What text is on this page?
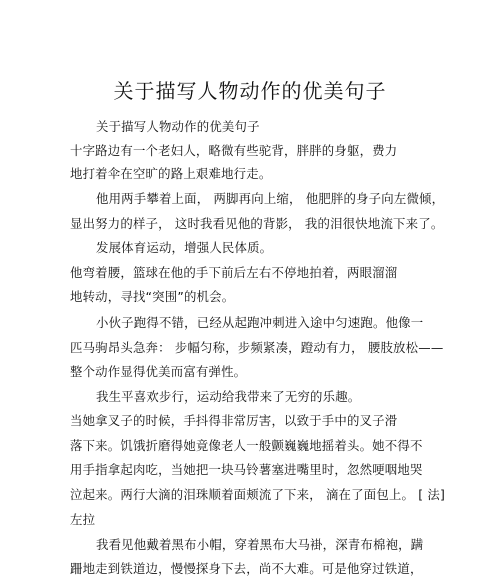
关于描写人物动作的优美句子
关于描写人物动作的优美句子
十字路边有一个老妇人，略微有些驼背，胖胖的身躯，费力
地打着伞在空旷的路上艰难地行走。
他用两手攀着上面， 两脚再向上缩， 他肥胖的身子向左微倾，
显出努力的样子， 这时我看见他的背影， 我的泪很快地流下来了。
发展体育运动，增强人民体质。
他弯着腰，篮球在他的手下前后左右不停地拍着，两眼溜溜
地转动，寻找“突围”的机会。
小伙子跑得不错，已经从起跑冲刺进入途中匀速跑。他像一
匹马驹昂头急奔： 步幅匀称，步频紧凑，蹬动有力， 腰肢放松——
整个动作显得优美而富有弹性。
我生平喜欢步行，运动给我带来了无穷的乐趣。
当她拿叉子的时候，手抖得非常厉害，以致于手中的叉子滑
落下来。饥饿折磨得她竟像老人一般颤巍巍地摇着头。她不得不
用手指拿起肉吃，当她把一块马铃薯塞进嘴里时，忽然哽咽地哭
泣起来。两行大滴的泪珠顺着面颊流了下来， 滴在了面包上。 [ 法]
左拉
我看见他戴着黑布小帽，穿着黑布大马褂，深青布棉袍，蹒
跚地走到铁道边，慢慢探身下去，尚不大难。可是他穿过铁道，
